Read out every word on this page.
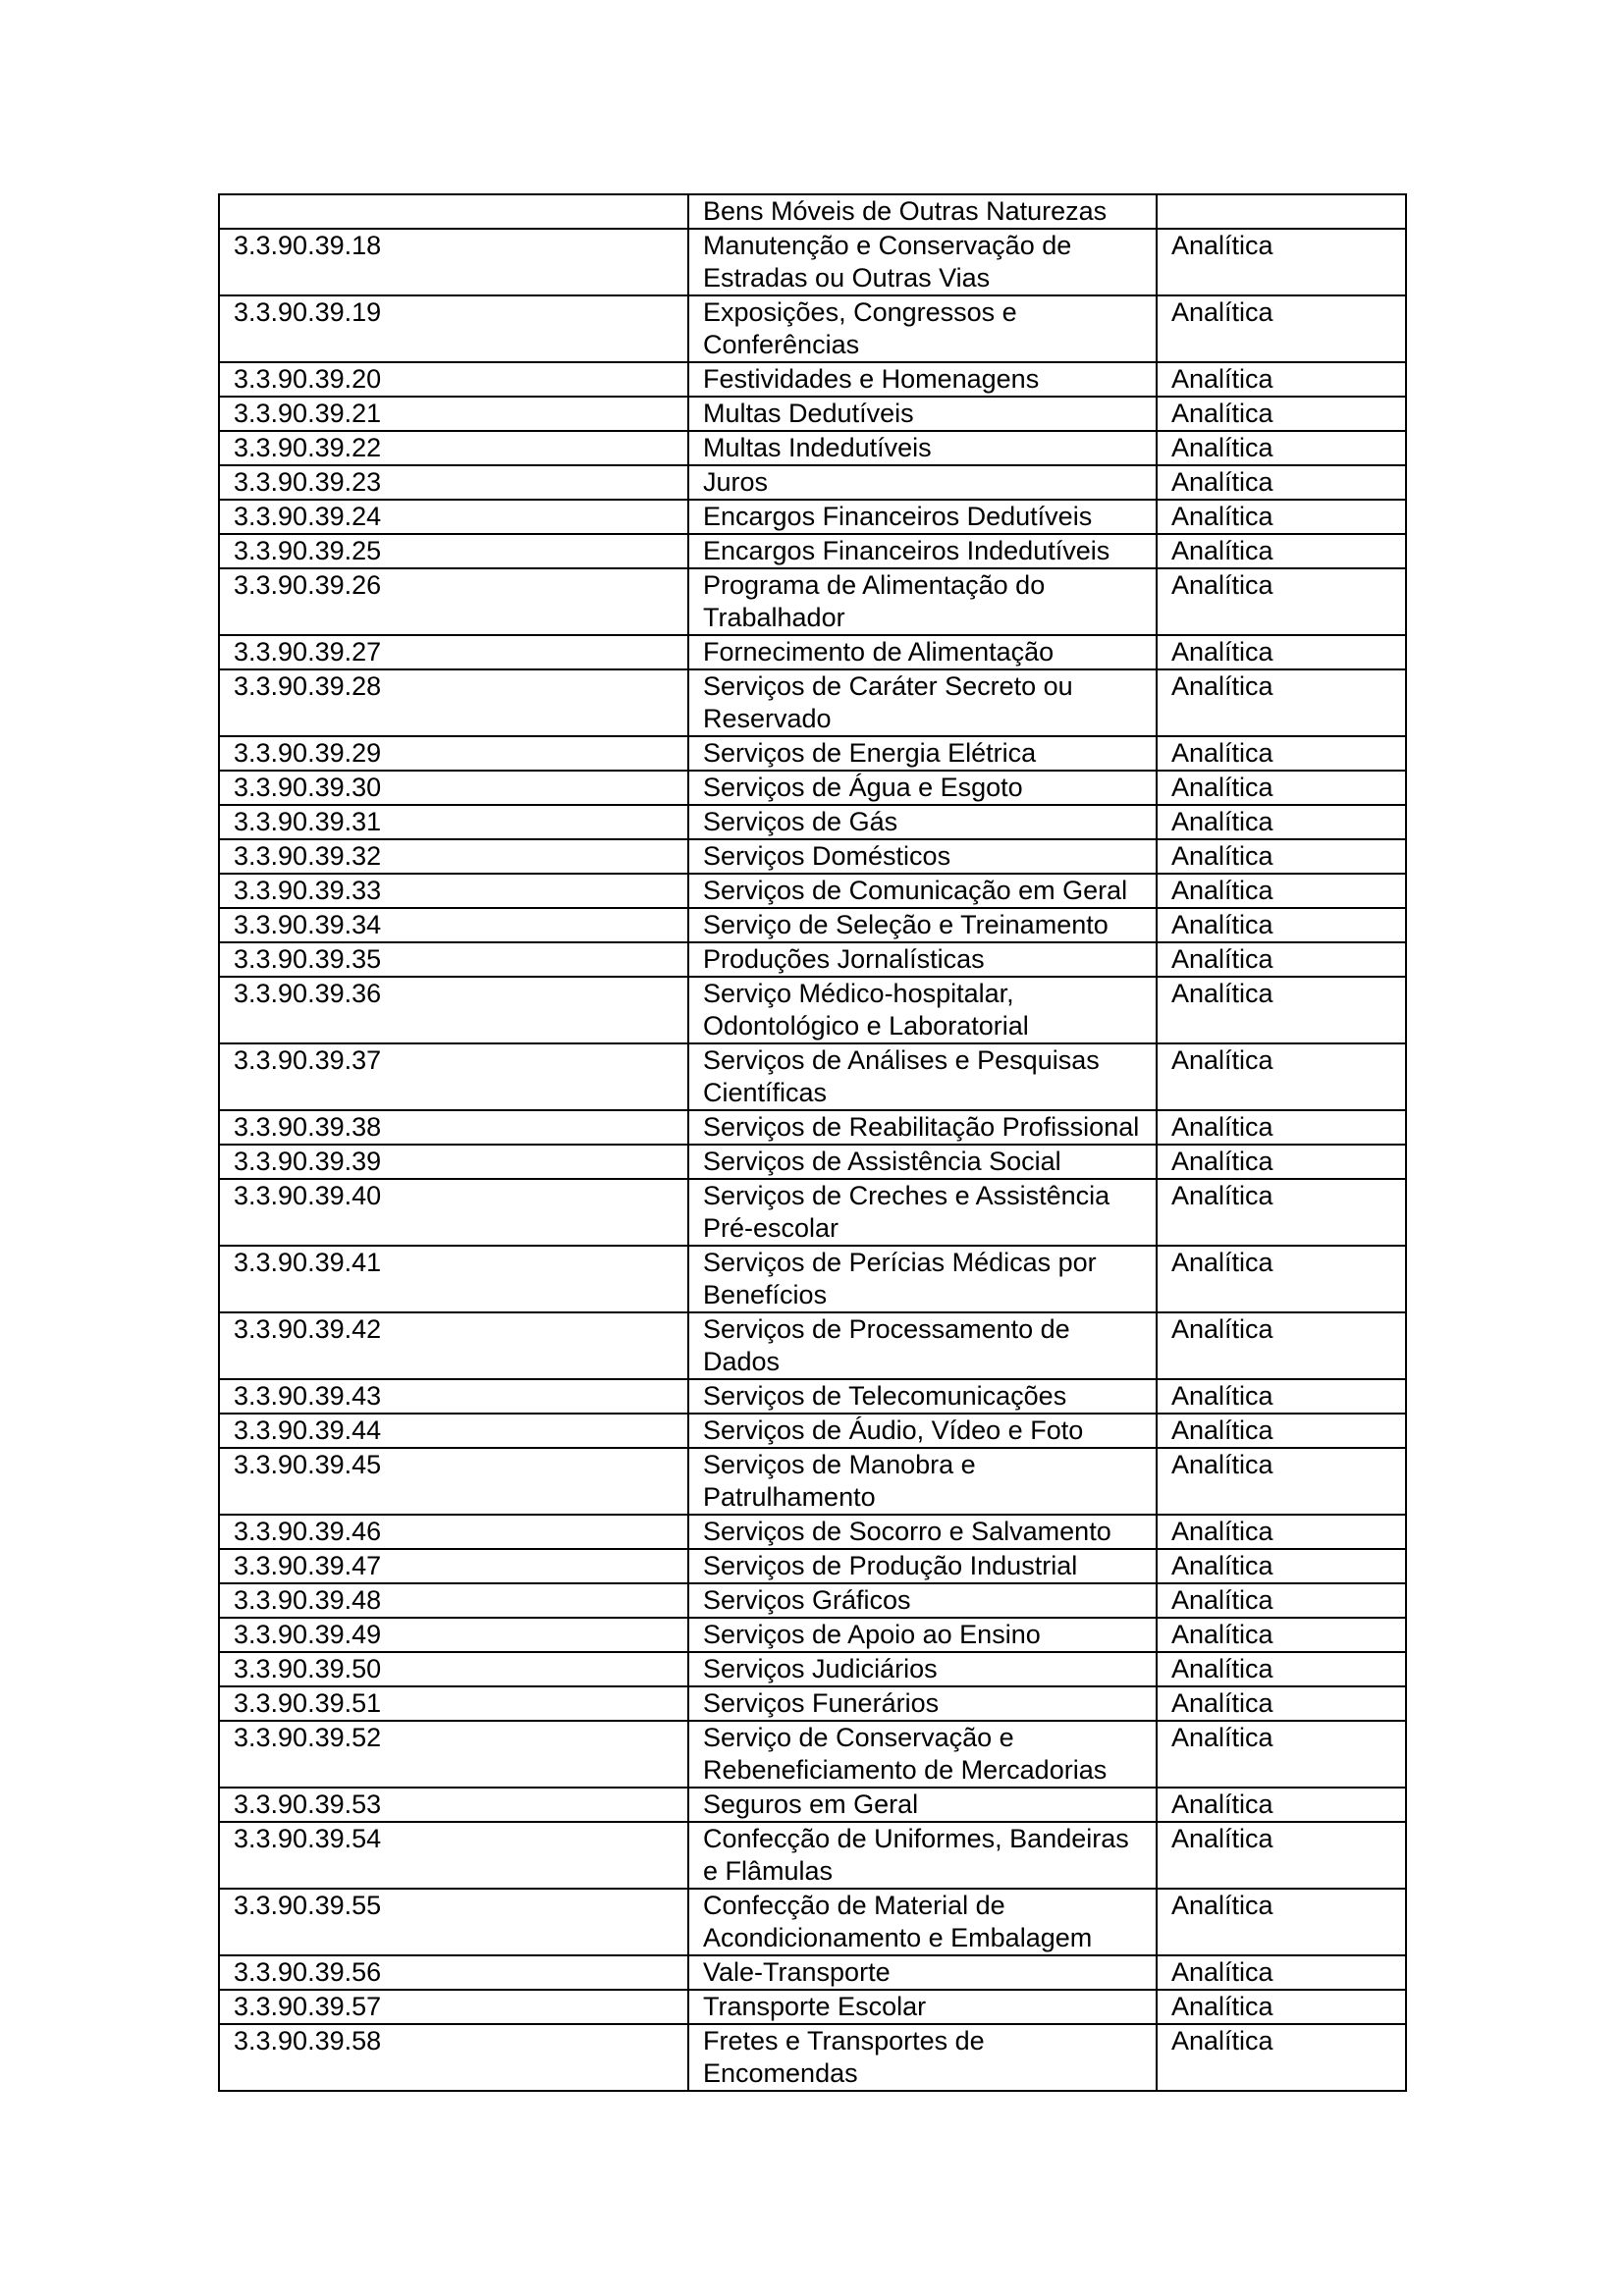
	Bens Móveis de Outras Naturezas	
3.3.90.39.18	Manutenção e Conservação de Estradas ou Outras Vias	Analítica
3.3.90.39.19	Exposições, Congressos e Conferências	Analítica
3.3.90.39.20	Festividades e Homenagens	Analítica
3.3.90.39.21	Multas Dedutíveis	Analítica
3.3.90.39.22	Multas Indedutíveis	Analítica
3.3.90.39.23	Juros	Analítica
3.3.90.39.24	Encargos Financeiros Dedutíveis	Analítica
3.3.90.39.25	Encargos Financeiros Indedutíveis	Analítica
3.3.90.39.26	Programa de Alimentação do Trabalhador	Analítica
3.3.90.39.27	Fornecimento de Alimentação	Analítica
3.3.90.39.28	Serviços de Caráter Secreto ou Reservado	Analítica
3.3.90.39.29	Serviços de Energia Elétrica	Analítica
3.3.90.39.30	Serviços de Água e Esgoto	Analítica
3.3.90.39.31	Serviços de Gás	Analítica
3.3.90.39.32	Serviços Domésticos	Analítica
3.3.90.39.33	Serviços de Comunicação em Geral	Analítica
3.3.90.39.34	Serviço de Seleção e Treinamento	Analítica
3.3.90.39.35	Produções Jornalísticas	Analítica
3.3.90.39.36	Serviço Médico-hospitalar, Odontológico e Laboratorial	Analítica
3.3.90.39.37	Serviços de Análises e Pesquisas Científicas	Analítica
3.3.90.39.38	Serviços de Reabilitação Profissional	Analítica
3.3.90.39.39	Serviços de Assistência Social	Analítica
3.3.90.39.40	Serviços de Creches e Assistência Pré-escolar	Analítica
3.3.90.39.41	Serviços de Perícias Médicas por Benefícios	Analítica
3.3.90.39.42	Serviços de Processamento de Dados	Analítica
3.3.90.39.43	Serviços de Telecomunicações	Analítica
3.3.90.39.44	Serviços de Áudio, Vídeo e Foto	Analítica
3.3.90.39.45	Serviços de Manobra e Patrulhamento	Analítica
3.3.90.39.46	Serviços de Socorro e Salvamento	Analítica
3.3.90.39.47	Serviços de Produção Industrial	Analítica
3.3.90.39.48	Serviços Gráficos	Analítica
3.3.90.39.49	Serviços de Apoio ao Ensino	Analítica
3.3.90.39.50	Serviços Judiciários	Analítica
3.3.90.39.51	Serviços Funerários	Analítica
3.3.90.39.52	Serviço de Conservação e Rebeneficiamento de Mercadorias	Analítica
3.3.90.39.53	Seguros em Geral	Analítica
3.3.90.39.54	Confecção de Uniformes, Bandeiras e Flâmulas	Analítica
3.3.90.39.55	Confecção de Material de Acondicionamento e Embalagem	Analítica
3.3.90.39.56	Vale-Transporte	Analítica
3.3.90.39.57	Transporte Escolar	Analítica
3.3.90.39.58	Fretes e Transportes de Encomendas	Analítica
